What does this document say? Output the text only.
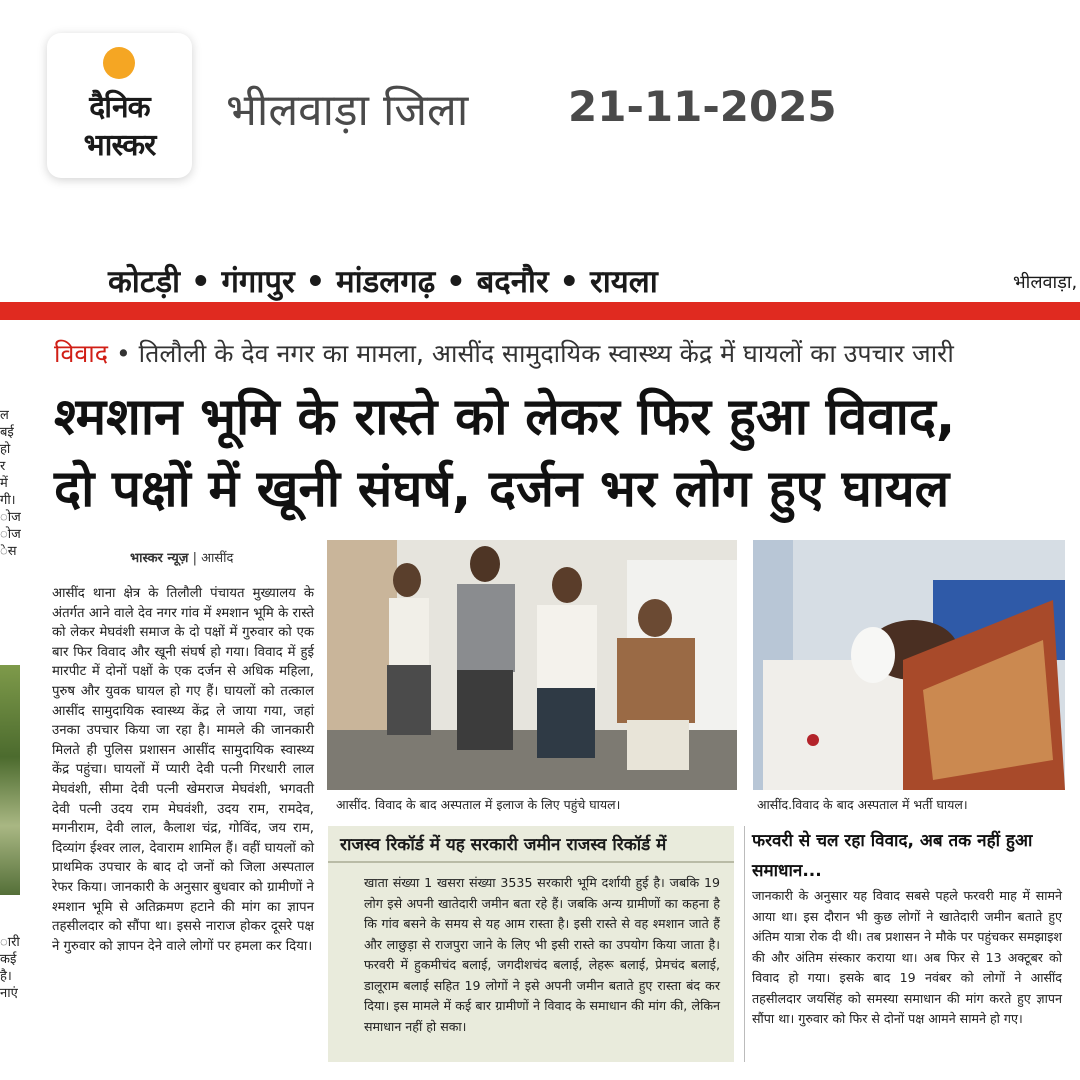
दैनिक
भास्कर
भीलवाड़ा जिला 21-11-2025
कोटड़ी • गंगापुर • मांडलगढ़ • बदनौर • रायला	भीलवाड़ा,
ल
बई
हो
र
में
गी।
ोज
ोज
ेस
ारी
कई
है।
नाएं
विवाद • तिलौली के देव नगर का मामला, आसींद सामुदायिक स्वास्थ्य केंद्र में घायलों का उपचार जारी
श्मशान भूमि के रास्ते को लेकर फिर हुआ विवाद,
दो पक्षों में खूनी संघर्ष, दर्जन भर लोग हुए घायल
भास्कर न्यूज़ | आसींद

आसींद थाना क्षेत्र के तिलौली पंचायत मुख्यालय के अंतर्गत आने वाले देव नगर गांव में श्मशान भूमि के रास्ते को लेकर मेघवंशी समाज के दो पक्षों में गुरुवार को एक बार फिर विवाद और खूनी संघर्ष हो गया। विवाद में हुई मारपीट में दोनों पक्षों के एक दर्जन से अधिक महिला, पुरुष और युवक घायल हो गए हैं। घायलों को तत्काल आसींद सामुदायिक स्वास्थ्य केंद्र ले जाया गया, जहां उनका उपचार किया जा रहा है। मामले की जानकारी मिलते ही पुलिस प्रशासन आसींद सामुदायिक स्वास्थ्य केंद्र पहुंचा। घायलों में प्यारी देवी पत्नी गिरधारी लाल मेघवंशी, सीमा देवी पत्नी खेमराज मेघवंशी, भगवती देवी पत्नी उदय राम मेघवंशी, उदय राम, रामदेव, मगनीराम, देवी लाल, कैलाश चंद्र, गोविंद, जय राम, दिव्यांग ईश्वर लाल, देवाराम शामिल हैं। वहीं घायलों को प्राथमिक उपचार के बाद दो जनों को जिला अस्पताल रेफर किया। जानकारी के अनुसार बुधवार को ग्रामीणों ने श्मशान भूमि से अतिक्रमण हटाने की मांग का ज्ञापन तहसीलदार को सौंपा था। इससे नाराज होकर दूसरे पक्ष ने गुरुवार को ज्ञापन देने वाले लोगों पर हमला कर दिया।

आसींद. विवाद के बाद अस्पताल में इलाज के लिए पहुंचे घायल।	आसींद.विवाद के बाद अस्पताल में भर्ती घायल।
राजस्व रिकॉर्ड में यह सरकारी जमीन राजस्व रिकॉर्ड में

खाता संख्या 1 खसरा संख्या 3535 सरकारी भूमि दर्शायी हुई है। जबकि 19 लोग इसे अपनी खातेदारी जमीन बता रहे हैं। जबकि अन्य ग्रामीणों का कहना है कि गांव बसने के समय से यह आम रास्ता है। इसी रास्ते से वह श्मशान जाते हैं और लाछुड़ा से राजपुरा जाने के लिए भी इसी रास्ते का उपयोग किया जाता है। फरवरी में हुकमीचंद बलाई, जगदीशचंद बलाई, लेहरू बलाई, प्रेमचंद बलाई, डालूराम बलाई सहित 19 लोगों ने इसे अपनी जमीन बताते हुए रास्ता बंद कर दिया। इस मामले में कई बार ग्रामीणों ने विवाद के समाधान की मांग की, लेकिन समाधान नहीं हो सका।

फरवरी से चल रहा विवाद, अब तक नहीं हुआ समाधान...

जानकारी के अनुसार यह विवाद सबसे पहले फरवरी माह में सामने आया था। इस दौरान भी कुछ लोगों ने खातेदारी जमीन बताते हुए अंतिम यात्रा रोक दी थी। तब प्रशासन ने मौके पर पहुंचकर समझाइश की और अंतिम संस्कार कराया था। अब फिर से 13 अक्टूबर को विवाद हो गया। इसके बाद 19 नवंबर को लोगों ने आसींद तहसीलदार जयसिंह को समस्या समाधान की मांग करते हुए ज्ञापन सौंपा था। गुरुवार को फिर से दोनों पक्ष आमने सामने हो गए।
